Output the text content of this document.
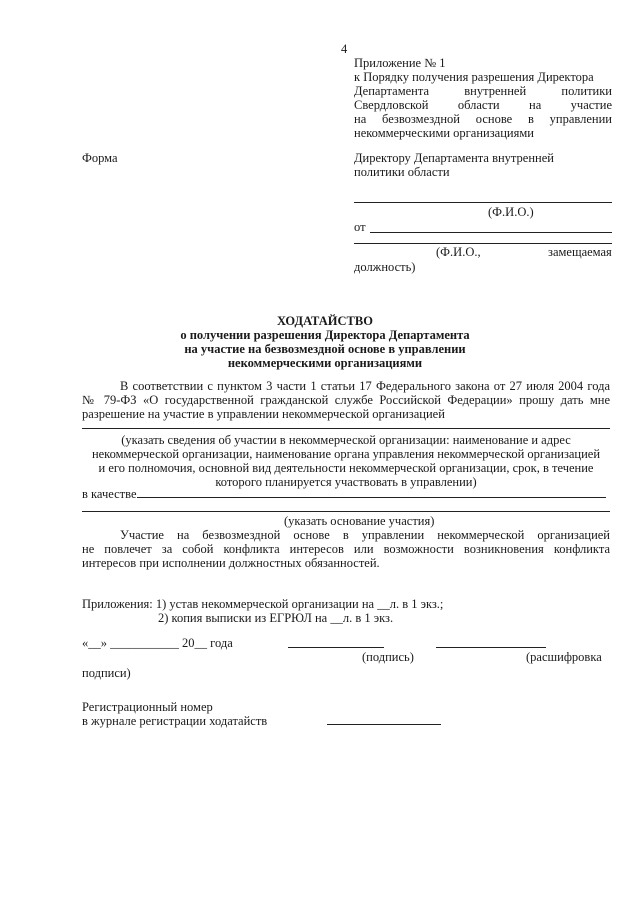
4
Приложение № 1
к Порядку получения разрешения Директора
Департамента внутренней политики
Свердловской области на участие
на безвозмездной основе в управлении
некоммерческими организациями
Форма	Директору Департамента внутренней
политики области
(Ф.И.О.)
от
(Ф.И.О.,	замещаемая
должность)
ХОДАТАЙСТВО
о получении разрешения Директора Департамента
на участие на безвозмездной основе в управлении
некоммерческими организациями
В соответствии с пунктом 3 части 1 статьи 17 Федерального закона от 27 июля 2004 года
№ 79-ФЗ «О государственной гражданской службе Российской Федерации» прошу дать мне
разрешение на участие в управлении некоммерческой организацией
(указать сведения об участии в некоммерческой организации: наименование и адрес
некоммерческой организации, наименование органа управления некоммерческой организацией
и его полномочия, основной вид деятельности некоммерческой организации, срок, в течение
которого планируется участвовать в управлении)
в качестве
(указать основание участия)
Участие на безвозмездной основе в управлении некоммерческой организацией
не повлечет за собой конфликта интересов или возможности возникновения конфликта
интересов при исполнении должностных обязанностей.
Приложения: 1) устав некоммерческой организации на __л. в 1 экз.;
2) копия выписки из ЕГРЮЛ на __л. в 1 экз.
«__» ___________ 20__ года
(подпись)	(расшифровка
подписи)
Регистрационный номер
в журнале регистрации ходатайств
